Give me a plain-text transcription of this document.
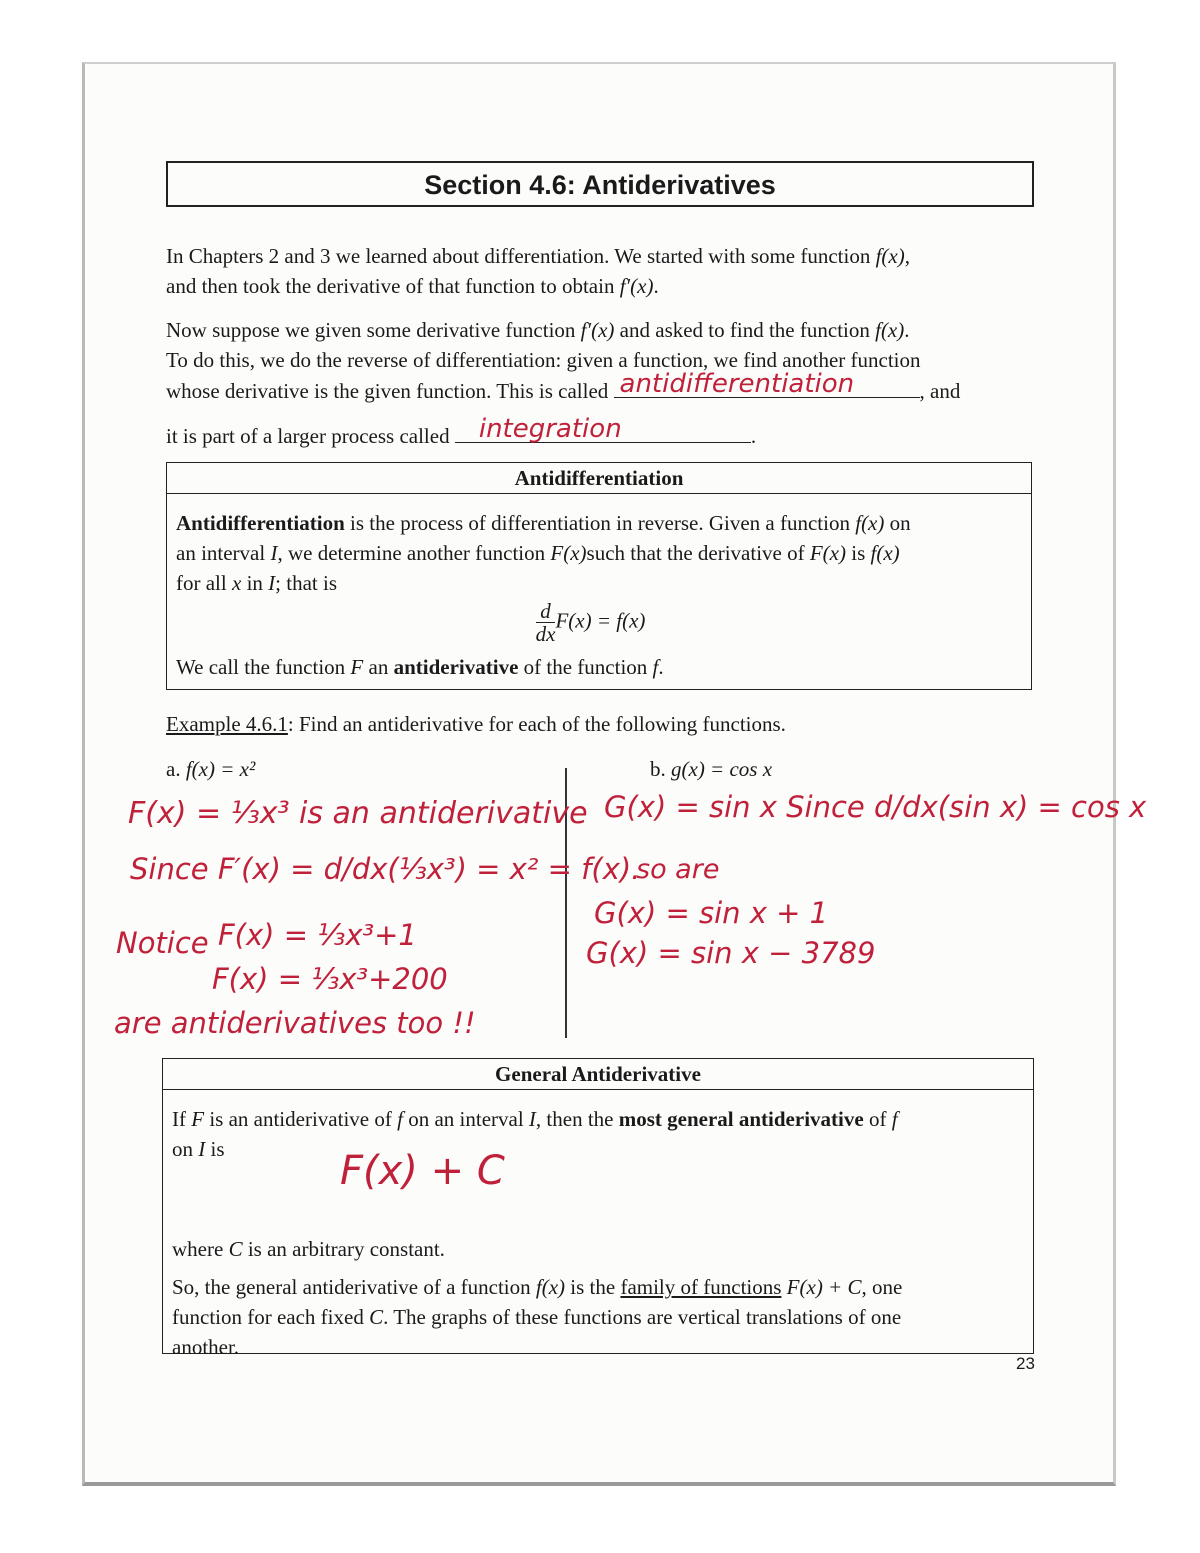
Section 4.6: Antiderivatives
In Chapters 2 and 3 we learned about differentiation. We started with some function f(x),
and then took the derivative of that function to obtain f′(x).
Now suppose we given some derivative function f′(x) and asked to find the function f(x).
To do this, we do the reverse of differentiation: given a function, we find another function
whose derivative is the given function. This is called antidifferentiation	, and
it is part of a larger process called integration	.
Antidifferentiation
Antidifferentiation is the process of differentiation in reverse. Given a function f(x) on
an interval I, we determine another function F(x)such that the derivative of F(x) is f(x)
for all x in I; that is
$\frac{d}{dx} F(x) = f(x)$
We call the function F an antiderivative of the function f.
Example 4.6.1: Find an antiderivative for each of the following functions.
a. f(x) = x²	b. g(x) = cos x
F(x) = ⅓x³ is an antiderivative
Since F′(x) = d/dx(⅓x³) = x² = f(x).
Notice F(x) = ⅓x³+1
F(x) = ⅓x³+200
are antiderivatives too !!
G(x) = sin x Since d/dx(sin x) = cos x
so are
G(x) = sin x + 1
G(x) = sin x − 3789
General Antiderivative
If F is an antiderivative of f on an interval I, then the most general antiderivative of f
on I is
where C is an arbitrary constant.
So, the general antiderivative of a function f(x) is the family of functions F(x) + C, one
function for each fixed C. The graphs of these functions are vertical translations of one
another.
F(x) + C
23
